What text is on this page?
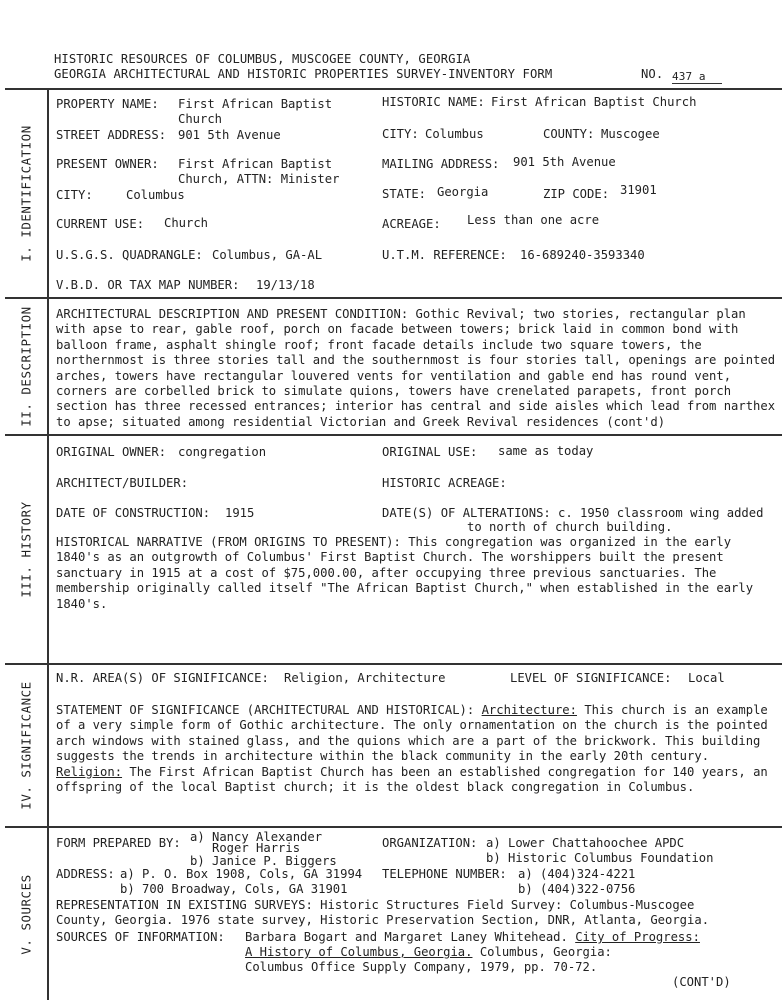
HISTORIC RESOURCES OF COLUMBUS, MUSCOGEE COUNTY, GEORGIA
GEORGIA ARCHITECTURAL AND HISTORIC PROPERTIES SURVEY-INVENTORY FORM	NO. 437 a
I. IDENTIFICATION
PROPERTY NAME: First African Baptist
Church
HISTORIC NAME: First African Baptist Church
STREET ADDRESS: 901 5th Avenue	CITY: Columbus	COUNTY: Muscogee
PRESENT OWNER: First African Baptist
Church, ATTN: Minister
MAILING ADDRESS: 901 5th Avenue
CITY:	Columbus	STATE: Georgia	ZIP CODE: 31901
CURRENT USE: Church	ACREAGE: Less than one acre
U.S.G.S. QUADRANGLE: Columbus, GA-AL	U.T.M. REFERENCE: 16-689240-3593340
V.B.D. OR TAX MAP NUMBER: 19/13/18
II. DESCRIPTION ARCHITECTURAL DESCRIPTION AND PRESENT CONDITION: Gothic Revival; two stories, rectangular plan with apse to rear, gable roof, porch on facade between towers; brick laid in common bond with balloon frame, asphalt shingle roof; front facade details include two square towers, the northernmost is three stories tall and the southernmost is four stories tall, openings are pointed arches, towers have rectangular louvered vents for ventilation and gable end has round vent, corners are corbelled brick to simulate quions, towers have crenelated parapets, front porch section has three recessed entrances; interior has central and side aisles which lead from narthex to apse; situated among residential Victorian and Greek Revival residences (cont'd)
III. HISTORY
ORIGINAL OWNER: congregation	ORIGINAL USE: same as today
ARCHITECT/BUILDER:	HISTORIC ACREAGE:
DATE OF CONSTRUCTION: 1915	DATE(S) OF ALTERATIONS: c. 1950 classroom wing added
to north of church building.
HISTORICAL NARRATIVE (FROM ORIGINS TO PRESENT): This congregation was organized in the early 1840's as an outgrowth of Columbus' First Baptist Church. The worshippers built the present sanctuary in 1915 at a cost of $75,000.00, after occupying three previous sanctuaries. The membership originally called itself "The African Baptist Church," when established in the early 1840's.
IV. SIGNIFICANCE
N.R. AREA(S) OF SIGNIFICANCE: Religion, Architecture	LEVEL OF SIGNIFICANCE: Local
STATEMENT OF SIGNIFICANCE (ARCHITECTURAL AND HISTORICAL): Architecture: This church is an example of a very simple form of Gothic architecture. The only ornamentation on the church is the pointed arch windows with stained glass, and the quions which are a part of the brickwork. This building suggests the trends in architecture within the black community in the early 20th century. Religion: The First African Baptist Church has been an established congregation for 140 years, an offspring of the local Baptist church; it is the oldest black congregation in Columbus.
V. SOURCES
FORM PREPARED BY: a) Nancy Alexander
Roger Harris
b) Janice P. Biggers
ORGANIZATION: a) Lower Chattahoochee APDC
b) Historic Columbus Foundation
ADDRESS: a) P. O. Box 1908, Cols, GA 31994
b) 700 Broadway, Cols, GA 31901
TELEPHONE NUMBER: a) (404)324-4221
b) (404)322-0756
REPRESENTATION IN EXISTING SURVEYS: Historic Structures Field Survey: Columbus-Muscogee
County, Georgia. 1976 state survey, Historic Preservation Section, DNR, Atlanta, Georgia.
SOURCES OF INFORMATION: Barbara Bogart and Margaret Laney Whitehead. City of Progress:
A History of Columbus, Georgia. Columbus, Georgia:
Columbus Office Supply Company, 1979, pp. 70-72.
(CONT'D)
